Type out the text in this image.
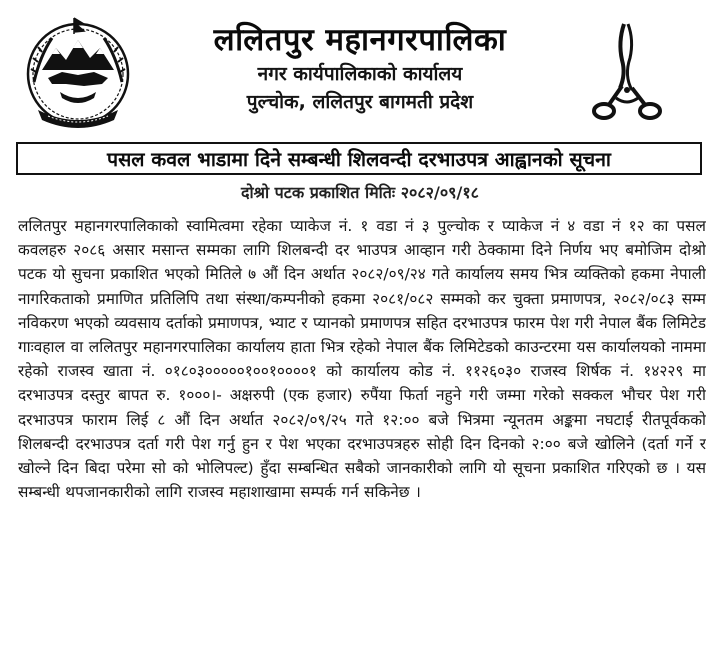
ललितपुर महानगरपालिका
नगर कार्यपालिकाको कार्यालय
पुल्चोक, ललितपुर बागमती प्रदेश
पसल कवल भाडामा दिने सम्बन्धी शिलवन्दी दरभाउपत्र आह्वानको सूचना
दोश्रो पटक प्रकाशित मितिः २०८२/०९/१८
ललितपुर महानगरपालिकाको स्वामित्वमा रहेका प्याकेज नं. १ वडा नं ३ पुल्चोक र प्याकेज नं ४ वडा नं १२ का पसल कवलहरु २०८६ असार मसान्त सम्मका लागि शिलबन्दी दर भाउपत्र आव्हान गरी ठेक्कामा दिने निर्णय भए बमोजिम दोश्रो पटक यो सुचना प्रकाशित भएको मितिले ७ औं दिन अर्थात २०८२/०९/२४ गते कार्यालय समय भित्र व्यक्तिको हकमा नेपाली नागरिकताको प्रमाणित प्रतिलिपि तथा संस्था/कम्पनीको हकमा २०८१/०८२ सम्मको कर चुक्ता प्रमाणपत्र, २०८२/०८३ सम्म नविकरण भएको व्यवसाय दर्ताको प्रमाणपत्र, भ्याट र प्यानको प्रमाणपत्र सहित दरभाउपत्र फारम पेश गरी नेपाल बैंक लिमिटेड गाःवहाल वा ललितपुर महानगरपालिका कार्यालय हाता भित्र रहेको नेपाल बैंक लिमिटेडको काउन्टरमा यस कार्यालयको नाममा रहेको राजस्व खाता नं. ०१८०३०००००१००१००००१ को कार्यालय कोड नं. ११२६०३० राजस्व शिर्षक नं. १४२२९ मा दरभाउपत्र दस्तुर बापत रु. १०००।- अक्षरुपी (एक हजार) रुपैंया फिर्ता नहुने गरी जम्मा गरेको सक्कल भौचर पेश गरी दरभाउपत्र फाराम लिई ८ औं दिन अर्थात २०८२/०९/२५ गते १२:०० बजे भित्रमा न्यूनतम अङ्कमा नघटाई रीतपूर्वकको शिलबन्दी दरभाउपत्र दर्ता गरी पेश गर्नु हुन र पेश भएका दरभाउपत्रहरु सोही दिन दिनको २:०० बजे खोलिने (दर्ता गर्ने र खोल्ने दिन बिदा परेमा सो को भोलिपल्ट) हुँदा सम्बन्धित सबैको जानकारीको लागि यो सूचना प्रकाशित गरिएको छ । यस सम्बन्धी थपजानकारीको लागि राजस्व महाशाखामा सम्पर्क गर्न सकिनेछ ।
